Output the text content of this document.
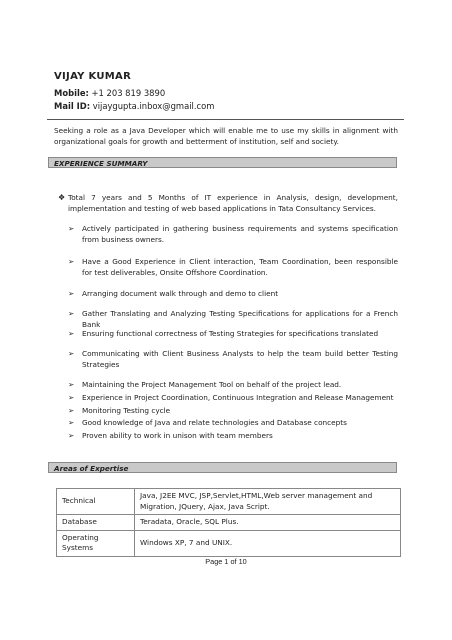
VIJAY KUMAR
Mobile: +1 203 819 3890
Mail ID: vijaygupta.inbox@gmail.com
Seeking a role as a Java Developer which will enable me to use my skills in alignment with organizational goals for growth and betterment of institution, self and society.
EXPERIENCE SUMMARY
❖ Total 7 years and 5 Months of IT experience in Analysis, design, development, implementation and testing of web based applications in Tata Consultancy Services.
➢ Actively participated in gathering business requirements and systems specification from business owners.
➢ Have a Good Experience in Client interaction, Team Coordination, been responsible for test deliverables, Onsite Offshore Coordination.
➢ Arranging document walk through and demo to client
➢ Gather Translating and Analyzing Testing Specifications for applications for a French Bank
➢ Ensuring functional correctness of Testing Strategies for specifications translated
➢ Communicating with Client Business Analysts to help the team build better Testing Strategies
➢ Maintaining the Project Management Tool on behalf of the project lead.
➢ Experience in Project Coordination, Continuous Integration and Release Management
➢ Monitoring Testing cycle
➢ Good knowledge of Java and relate technologies and Database concepts
➢ Proven ability to work in unison with team members
Areas of Expertise
Technical	Java, J2EE MVC, JSP,Servlet,HTML,Web server management and Migration, JQuery, Ajax, Java Script.
Database	Teradata, Oracle, SQL Plus.
Operating Systems	Windows XP, 7 and UNIX.
Page 1 of 10
